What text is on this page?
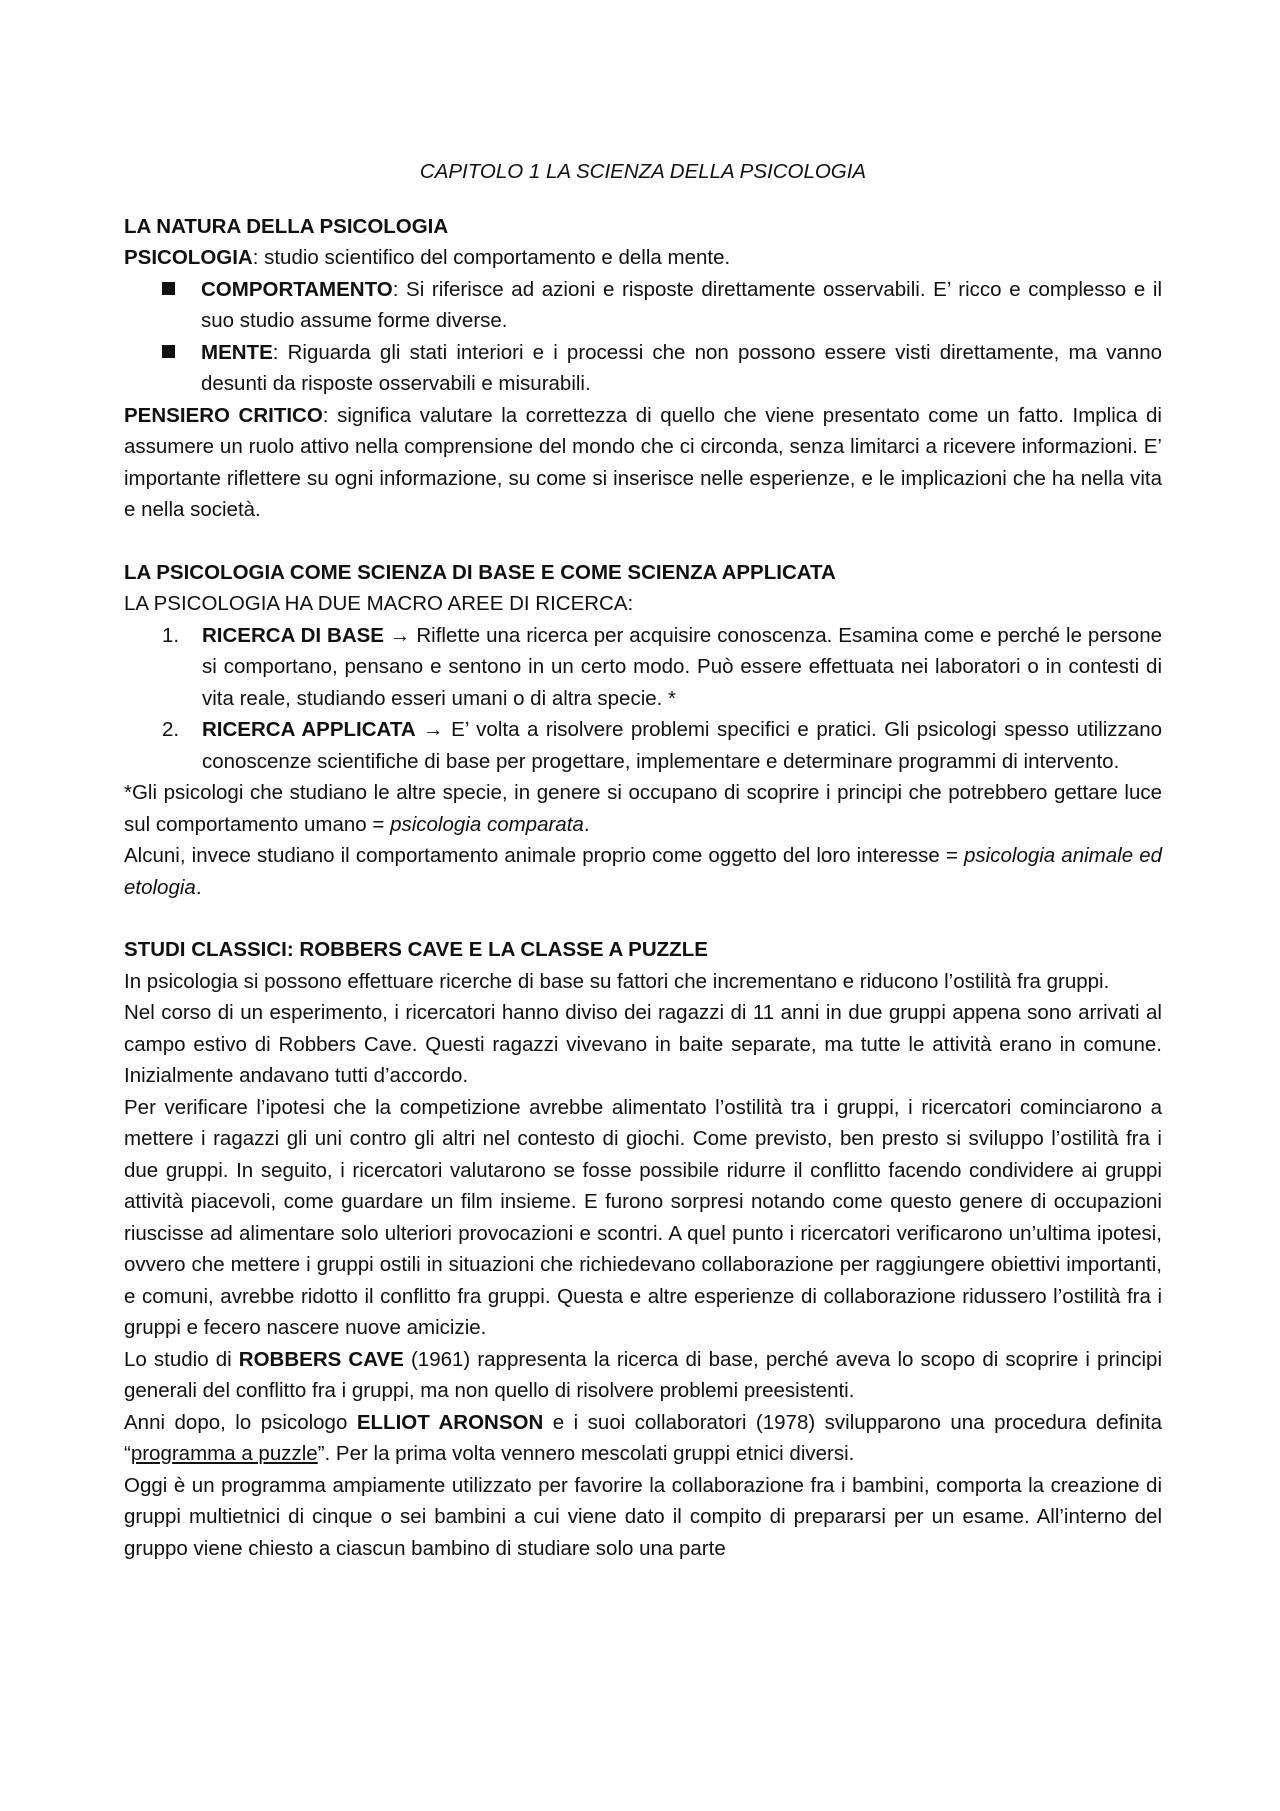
CAPITOLO 1 LA SCIENZA DELLA PSICOLOGIA
LA NATURA DELLA PSICOLOGIA

PSICOLOGIA: studio scientifico del comportamento e della mente.

COMPORTAMENTO: Si riferisce ad azioni e risposte direttamente osservabili. E’ ricco e complesso e il suo studio assume forme diverse.
MENTE: Riguarda gli stati interiori e i processi che non possono essere visti direttamente, ma vanno desunti da risposte osservabili e misurabili.

PENSIERO CRITICO: significa valutare la correttezza di quello che viene presentato come un fatto. Implica di assumere un ruolo attivo nella comprensione del mondo che ci circonda, senza limitarci a ricevere informazioni. E’ importante riflettere su ogni informazione, su come si inserisce nelle esperienze, e le implicazioni che ha nella vita e nella società.

LA PSICOLOGIA COME SCIENZA DI BASE E COME SCIENZA APPLICATA

LA PSICOLOGIA HA DUE MACRO AREE DI RICERCA:

1. RICERCA DI BASE → Riflette una ricerca per acquisire conoscenza. Esamina come e perché le persone si comportano, pensano e sentono in un certo modo. Può essere effettuata nei laboratori o in contesti di vita reale, studiando esseri umani o di altra specie. *
2. RICERCA APPLICATA → E’ volta a risolvere problemi specifici e pratici. Gli psicologi spesso utilizzano conoscenze scientifiche di base per progettare, implementare e determinare programmi di intervento.

*Gli psicologi che studiano le altre specie, in genere si occupano di scoprire i principi che potrebbero gettare luce sul comportamento umano = psicologia comparata.

Alcuni, invece studiano il comportamento animale proprio come oggetto del loro interesse = psicologia animale ed etologia.

STUDI CLASSICI: ROBBERS CAVE E LA CLASSE A PUZZLE

In psicologia si possono effettuare ricerche di base su fattori che incrementano e riducono l’ostilità fra gruppi.

Nel corso di un esperimento, i ricercatori hanno diviso dei ragazzi di 11 anni in due gruppi appena sono arrivati al campo estivo di Robbers Cave. Questi ragazzi vivevano in baite separate, ma tutte le attività erano in comune. Inizialmente andavano tutti d’accordo.

Per verificare l’ipotesi che la competizione avrebbe alimentato l’ostilità tra i gruppi, i ricercatori cominciarono a mettere i ragazzi gli uni contro gli altri nel contesto di giochi. Come previsto, ben presto si sviluppo l’ostilità fra i due gruppi. In seguito, i ricercatori valutarono se fosse possibile ridurre il conflitto facendo condividere ai gruppi attività piacevoli, come guardare un film insieme. E furono sorpresi notando come questo genere di occupazioni riuscisse ad alimentare solo ulteriori provocazioni e scontri. A quel punto i ricercatori verificarono un’ultima ipotesi, ovvero che mettere i gruppi ostili in situazioni che richiedevano collaborazione per raggiungere obiettivi importanti, e comuni, avrebbe ridotto il conflitto fra gruppi. Questa e altre esperienze di collaborazione ridussero l’ostilità fra i gruppi e fecero nascere nuove amicizie.

Lo studio di ROBBERS CAVE (1961) rappresenta la ricerca di base, perché aveva lo scopo di scoprire i principi generali del conflitto fra i gruppi, ma non quello di risolvere problemi preesistenti.

Anni dopo, lo psicologo ELLIOT ARONSON e i suoi collaboratori (1978) svilupparono una procedura definita “programma a puzzle”. Per la prima volta vennero mescolati gruppi etnici diversi.

Oggi è un programma ampiamente utilizzato per favorire la collaborazione fra i bambini, comporta la creazione di gruppi multietnici di cinque o sei bambini a cui viene dato il compito di prepararsi per un esame. All’interno del gruppo viene chiesto a ciascun bambino di studiare solo una parte
